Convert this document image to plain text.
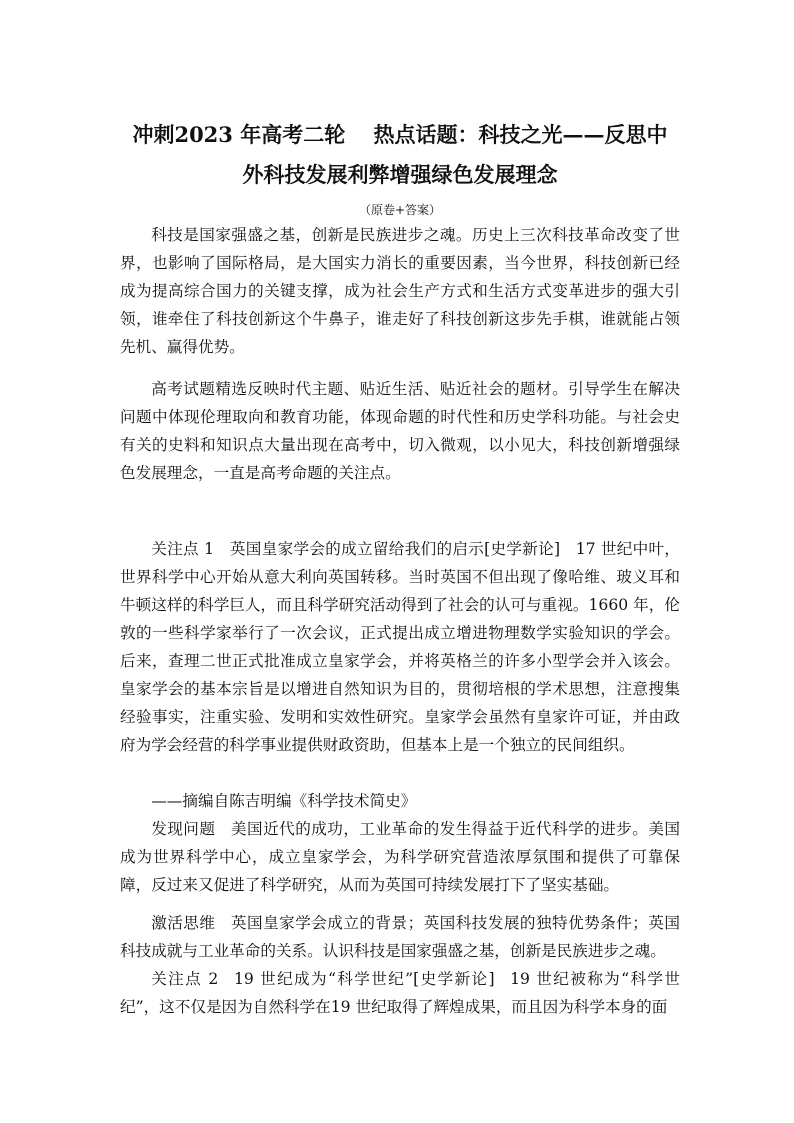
冲刺2023 年高考二轮　 热点话题：科技之光——反思中
外科技发展利弊增强绿色发展理念
（原卷+答案）

科技是国家强盛之基，创新是民族进步之魂。历史上三次科技革命改变了世界，也影响了国际格局，是大国实力消长的重要因素，当今世界，科技创新已经成为提高综合国力的关键支撑，成为社会生产方式和生活方式变革进步的强大引领，谁牵住了科技创新这个牛鼻子，谁走好了科技创新这步先手棋，谁就能占领先机、赢得优势。

高考试题精选反映时代主题、贴近生活、贴近社会的题材。引导学生在解决问题中体现伦理取向和教育功能，体现命题的时代性和历史学科功能。与社会史有关的史料和知识点大量出现在高考中，切入微观，以小见大，科技创新增强绿色发展理念，一直是高考命题的关注点。

关注点 1 英国皇家学会的成立留给我们的启示[史学新论] 17 世纪中叶，世界科学中心开始从意大利向英国转移。当时英国不但出现了像哈维、玻义耳和牛顿这样的科学巨人，而且科学研究活动得到了社会的认可与重视。1660 年，伦敦的一些科学家举行了一次会议，正式提出成立增进物理数学实验知识的学会。后来，查理二世正式批准成立皇家学会，并将英格兰的许多小型学会并入该会。皇家学会的基本宗旨是以增进自然知识为目的，贯彻培根的学术思想，注意搜集经验事实，注重实验、发明和实效性研究。皇家学会虽然有皇家许可证，并由政府为学会经营的科学事业提供财政资助，但基本上是一个独立的民间组织。

——摘编自陈吉明编《科学技术简史》

发现问题 美国近代的成功，工业革命的发生得益于近代科学的进步。美国成为世界科学中心，成立皇家学会，为科学研究营造浓厚氛围和提供了可靠保障，反过来又促进了科学研究，从而为英国可持续发展打下了坚实基础。

激活思维 英国皇家学会成立的背景；英国科技发展的独特优势条件；英国科技成就与工业革命的关系。认识科技是国家强盛之基，创新是民族进步之魂。

关注点 2 19 世纪成为“科学世纪”[史学新论] 19 世纪被称为“科学世纪”，这不仅是因为自然科学在19 世纪取得了辉煌成果，而且因为科学本身的面
